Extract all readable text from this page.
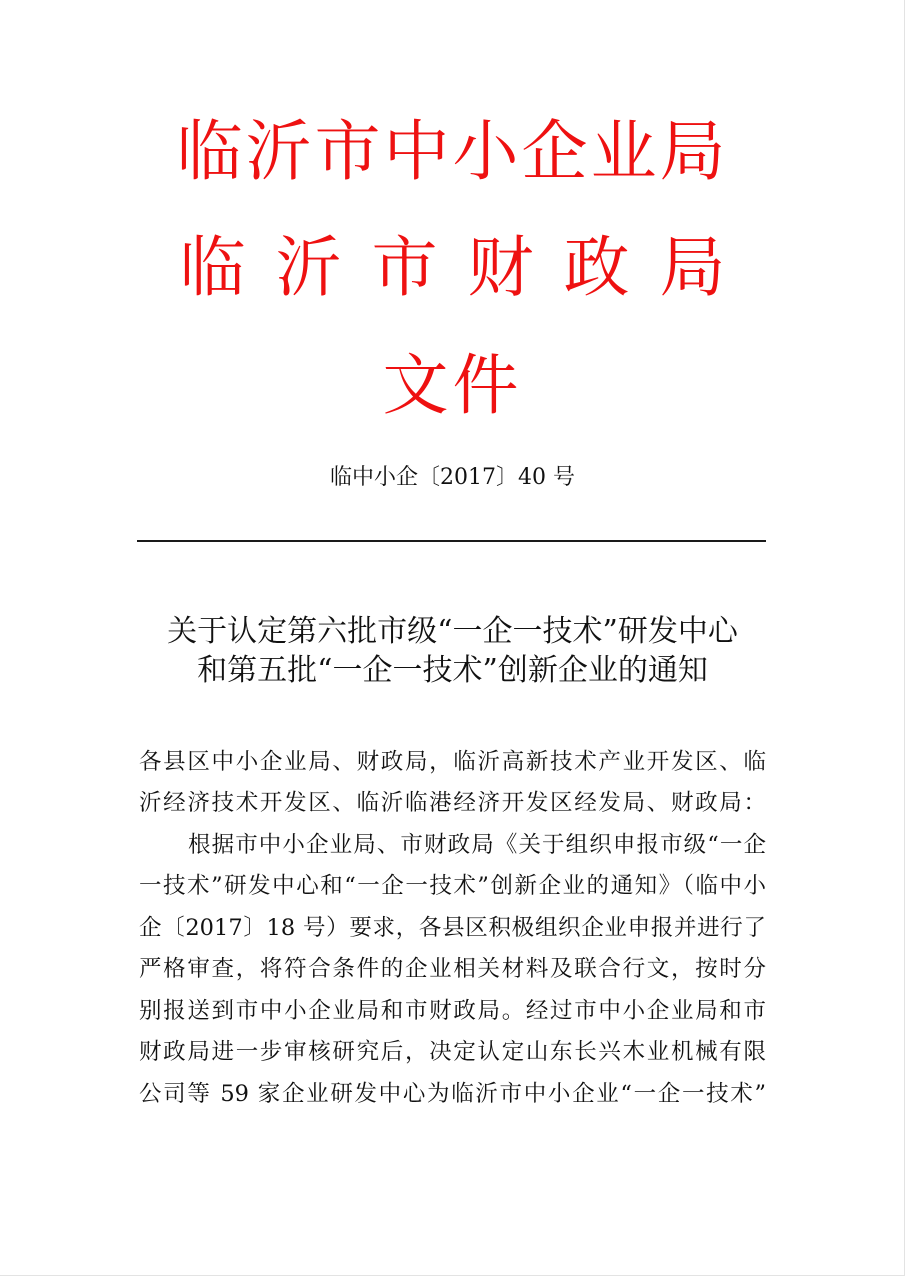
临沂市中小企业局
临沂市财政局
文件
临中小企〔2017〕40 号
关于认定第六批市级“一企一技术”研发中心
和第五批“一企一技术”创新企业的通知
各县区中小企业局、财政局，临沂高新技术产业开发区、临
沂经济技术开发区、临沂临港经济开发区经发局、财政局：
根据市中小企业局、市财政局《关于组织申报市级“一企
一技术”研发中心和“一企一技术”创新企业的通知》（临中小
企〔2017〕18 号）要求，各县区积极组织企业申报并进行了
严格审查，将符合条件的企业相关材料及联合行文，按时分
别报送到市中小企业局和市财政局。经过市中小企业局和市
财政局进一步审核研究后，决定认定山东长兴木业机械有限
公司等 59 家企业研发中心为临沂市中小企业“一企一技术”
